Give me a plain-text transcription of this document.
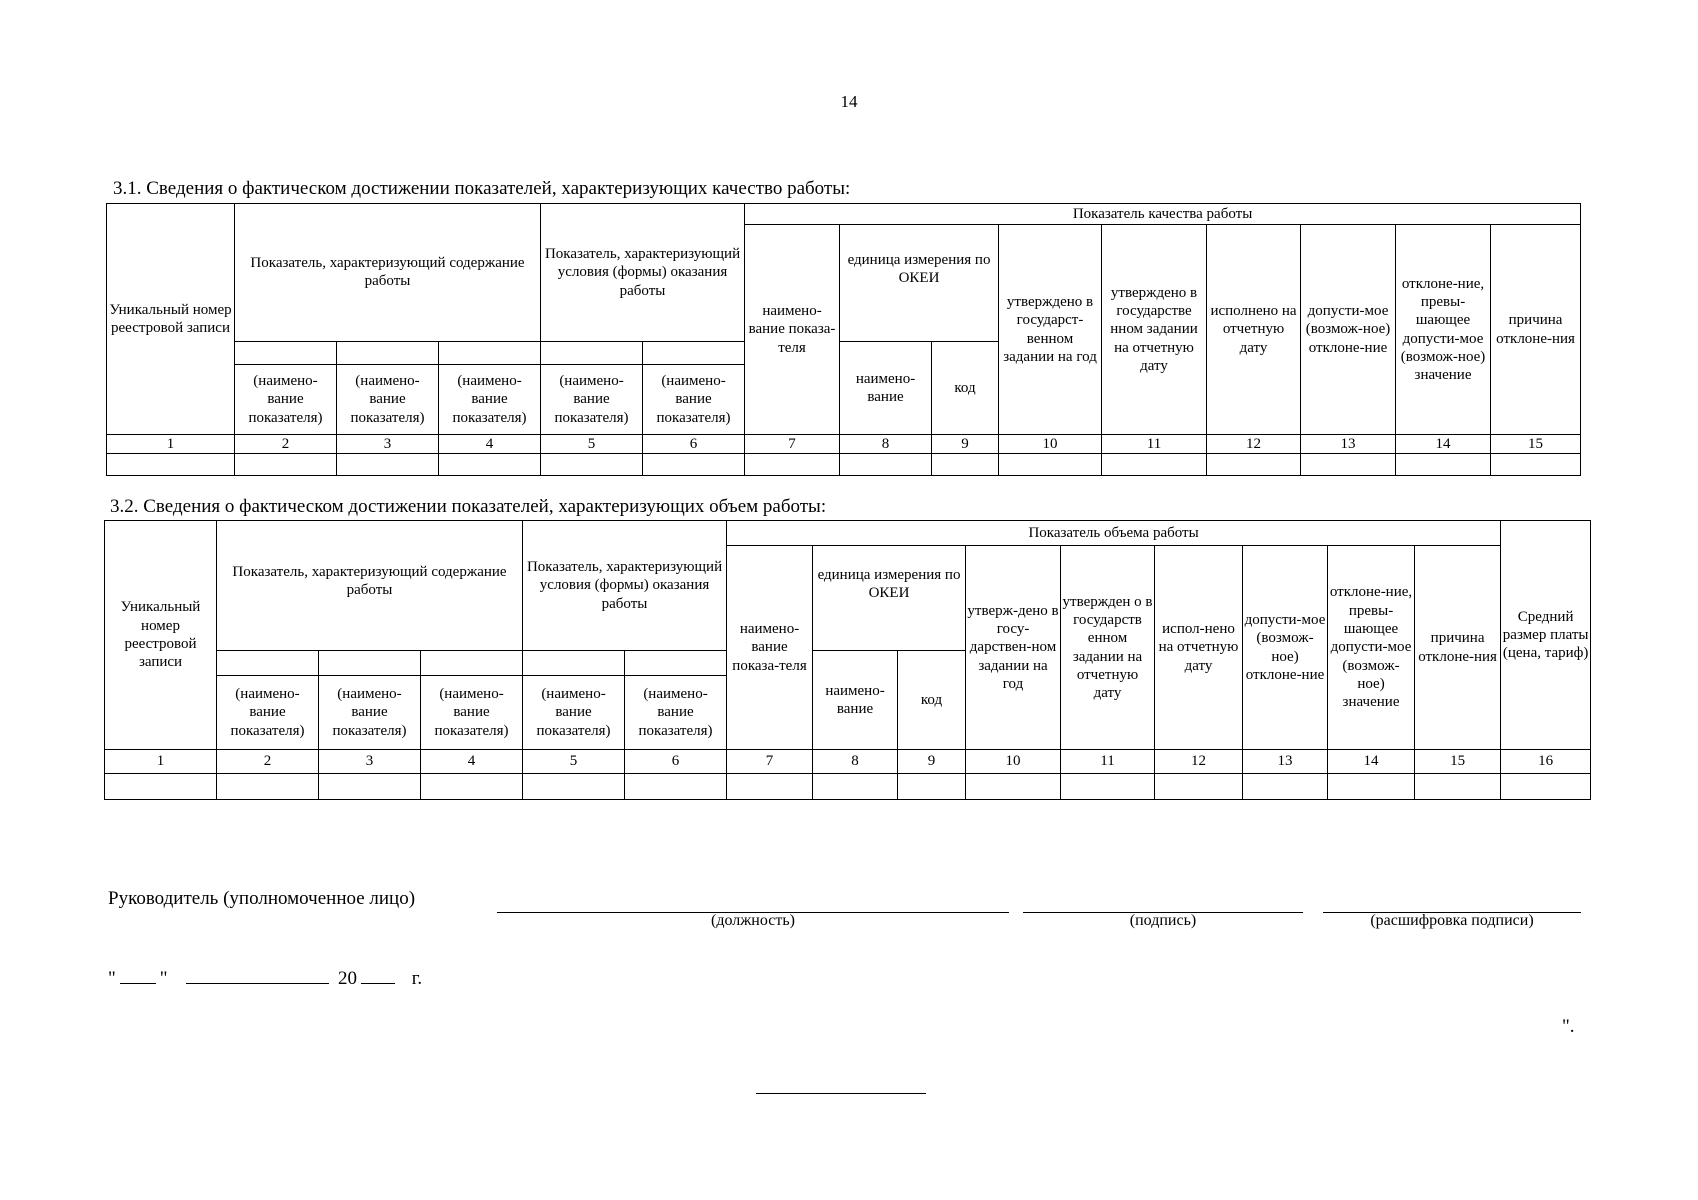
14
3.1. Сведения о фактическом достижении показателей, характеризующих качество работы:
Уникальный номер реестровой записи	Показатель, характеризующий содержание работы			Показатель, характеризующий условия (формы) оказания работы		Показатель качества работы								
						наимено-вание показа-теля	единица измерения по ОКЕИ		утверждено в государст-венном задании на год	утверждено в государстве нном задании на отчетную дату	исполнено на отчетную дату	допусти-мое (возмож-ное) отклоне-ние	отклоне-ние, превы-шающее допусти-мое (возмож-ное) значение	причина отклоне-ния
							наимено-вание	код						
	(наимено-вание показателя)	(наимено-вание показателя)	(наимено-вание показателя)	(наимено-вание показателя)	(наимено-вание показателя)									
1	2	3	4	5	6	7	8	9	10	11	12	13	14	15

3.2. Сведения о фактическом достижении показателей, характеризующих объем работы:
Уникальный номер реестровой записи	Показатель, характеризующий содержание работы			Показатель, характеризующий условия (формы) оказания работы		Показатель объема работы									Средний размер платы (цена, тариф)
						наимено-вание показа-теля	единица измерения по ОКЕИ		утверж-дено в госу-дарствен-ном задании на год	утвержден о в государств енном задании на отчетную дату	испол-нено на отчетную дату	допусти-мое (возмож-ное) отклоне-ние	отклоне-ние, превы-шающее допусти-мое (возмож-ное) значение	причина отклоне-ния	
							наимено-вание	код							
	(наимено-вание показателя)	(наимено-вание показателя)	(наимено-вание показателя)	(наимено-вание показателя)	(наимено-вание показателя)										
1	2	3	4	5	6	7	8	9	10	11	12	13	14	15	16

Руководитель (уполномоченное лицо)
(должность)	(подпись)	(расшифровка подписи)
" "	20	г.
".
